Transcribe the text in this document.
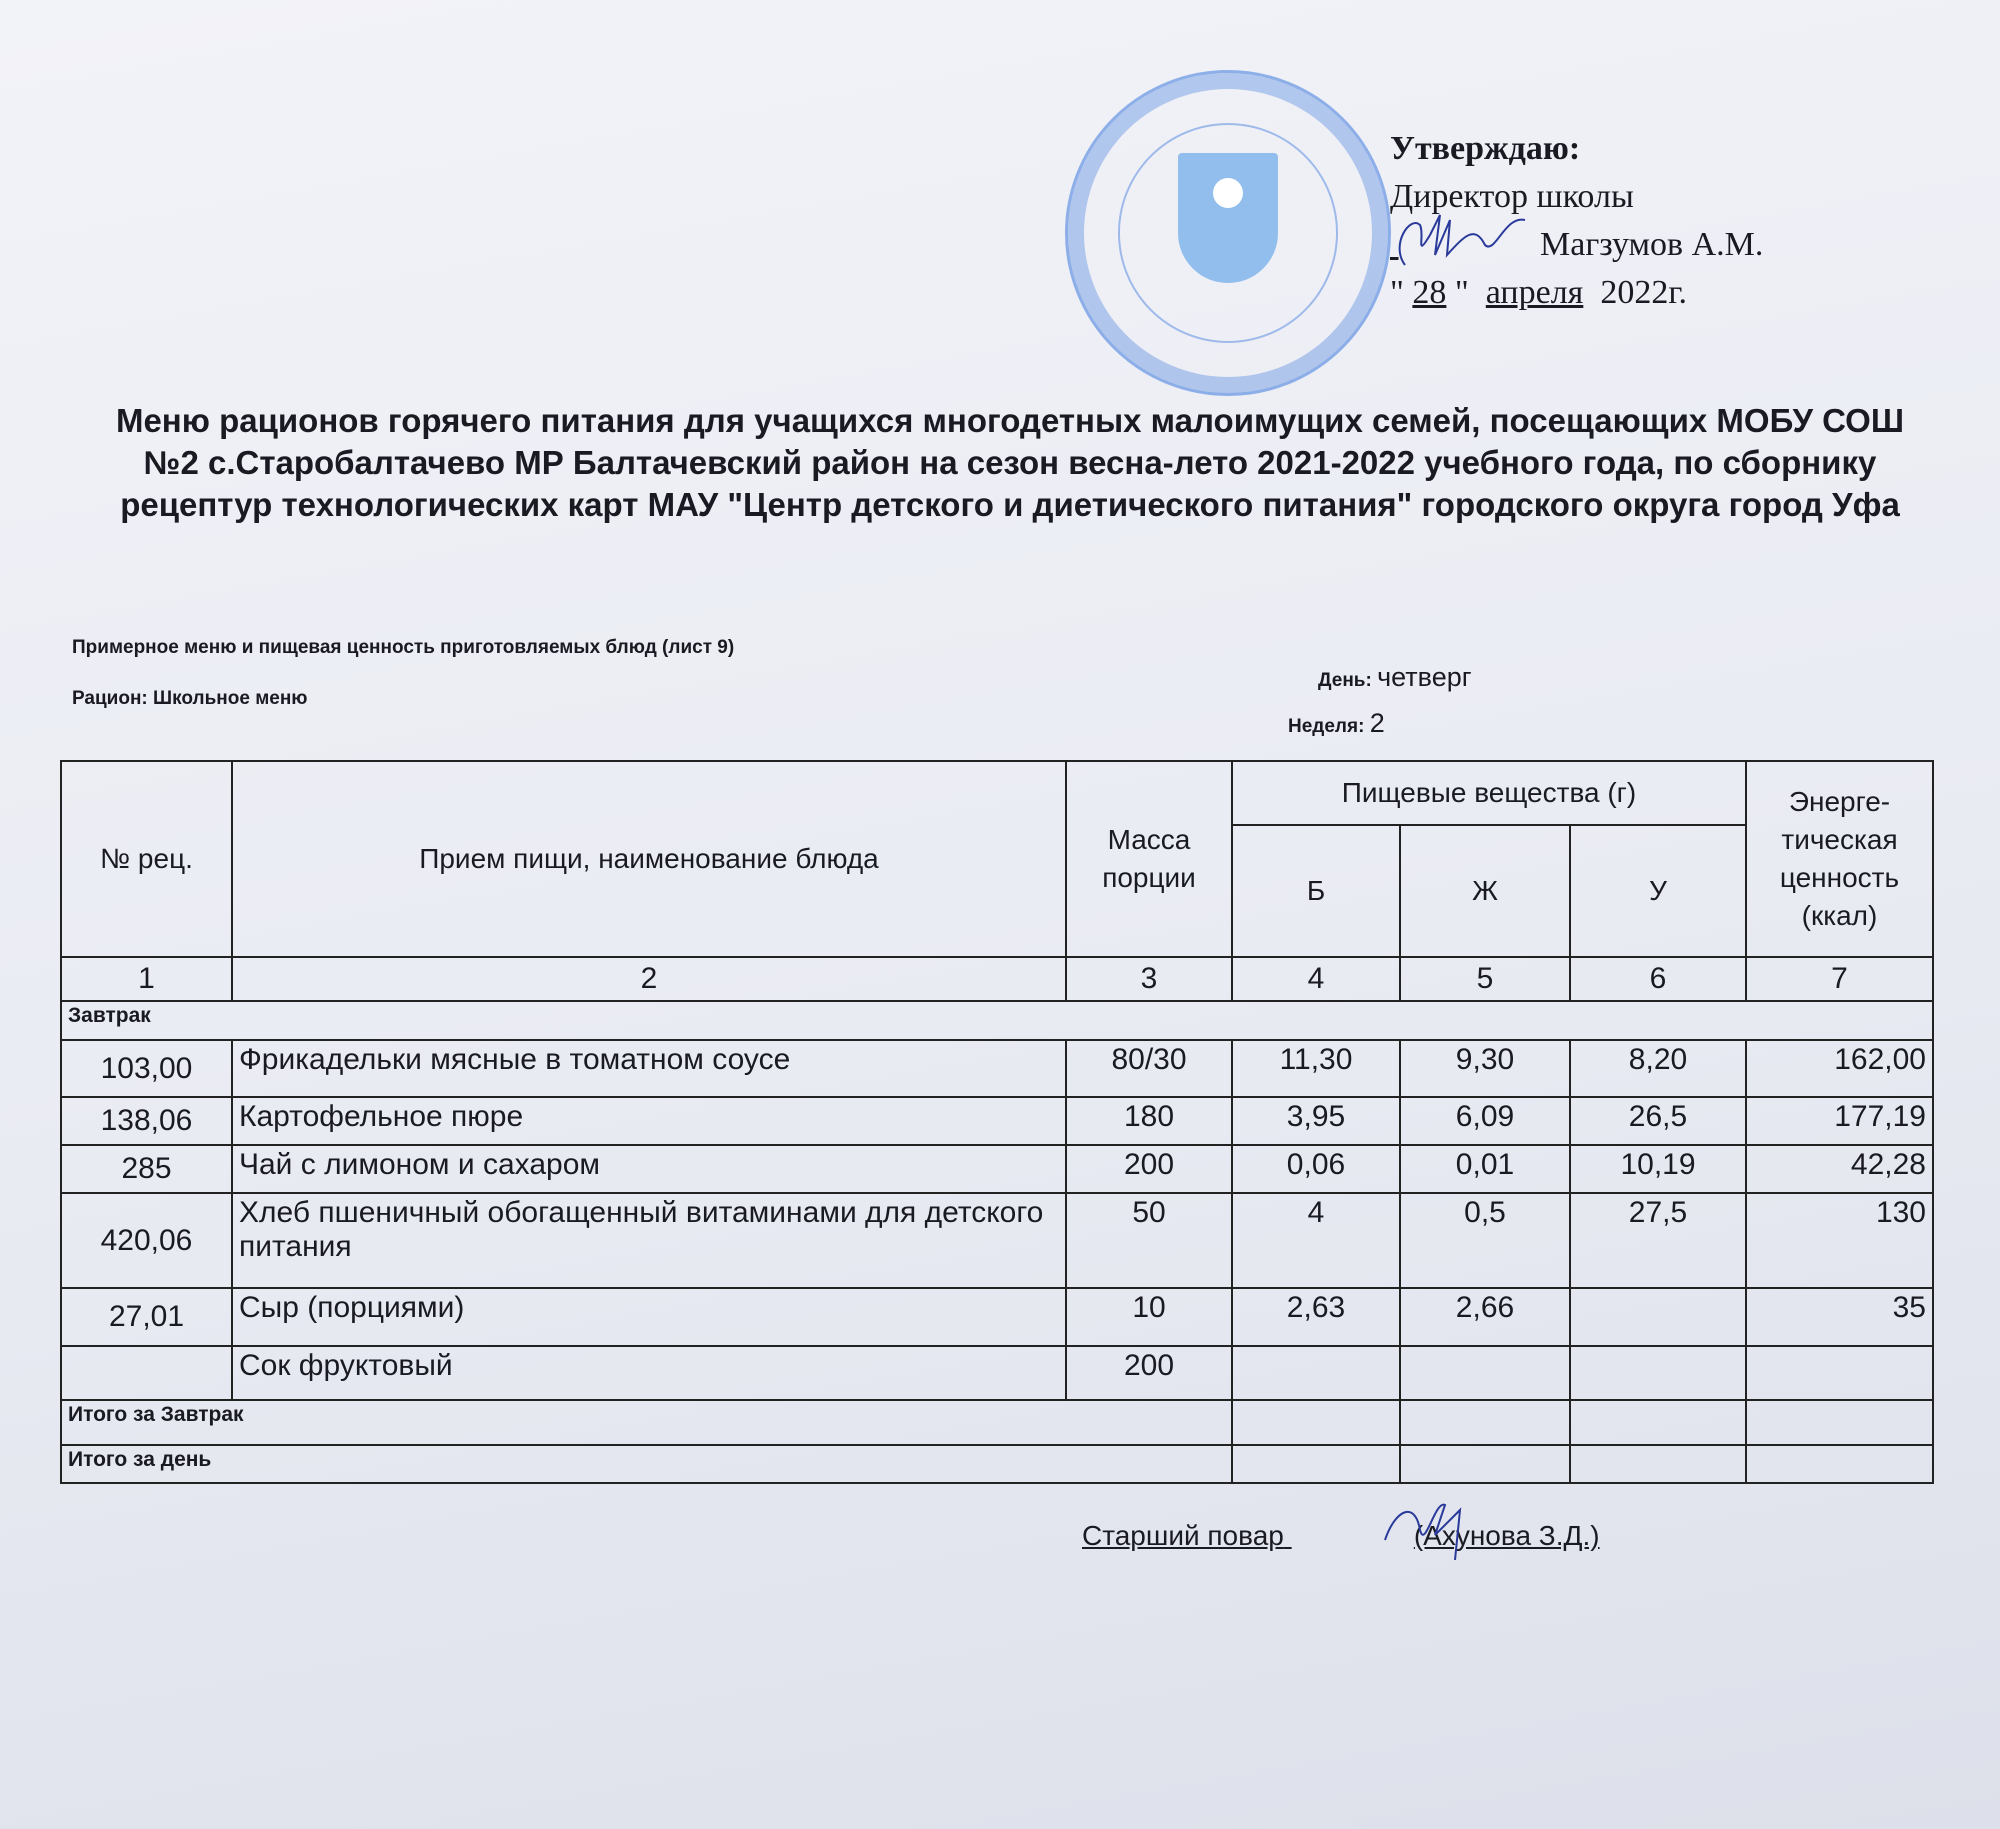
Утверждаю:
Директор школы
Магзумов А.М.
" 28 "  апреля 2022г.
Меню рационов горячего питания для учащихся многодетных малоимущих семей, посещающих МОБУ СОШ №2 с.Старобалтачево МР Балтачевский район на сезон весна-лето 2021-2022 учебного года, по сборнику рецептур технологических карт МАУ "Центр детского и диетического питания" городского округа город Уфа
Примерное меню и пищевая ценность приготовляемых блюд (лист 9)
Рацион: Школьное меню
День: четверг
Неделя: 2
№ рец.	Прием пищи, наименование блюда	Масса порции	Пищевые вещества (г)			Энерге-тическая ценность (ккал)
			Б	Ж	У	
1	2	3	4	5	6	7
Завтрак						
103,00	Фрикадельки мясные в томатном соусе	80/30	11,30	9,30	8,20	162,00
138,06	Картофельное пюре	180	3,95	6,09	26,5	177,19
285	Чай с лимоном и сахаром	200	0,06	0,01	10,19	42,28
420,06	Хлеб пшеничный обогащенный витаминами для детского питания	50	4	0,5	27,5	130
27,01	Сыр (порциями)	10	2,63	2,66		35
	Сок фруктовый	200				
Итого за Завтрак						
Итого за день						
Старший повар	(Ахунова З.Д.)
